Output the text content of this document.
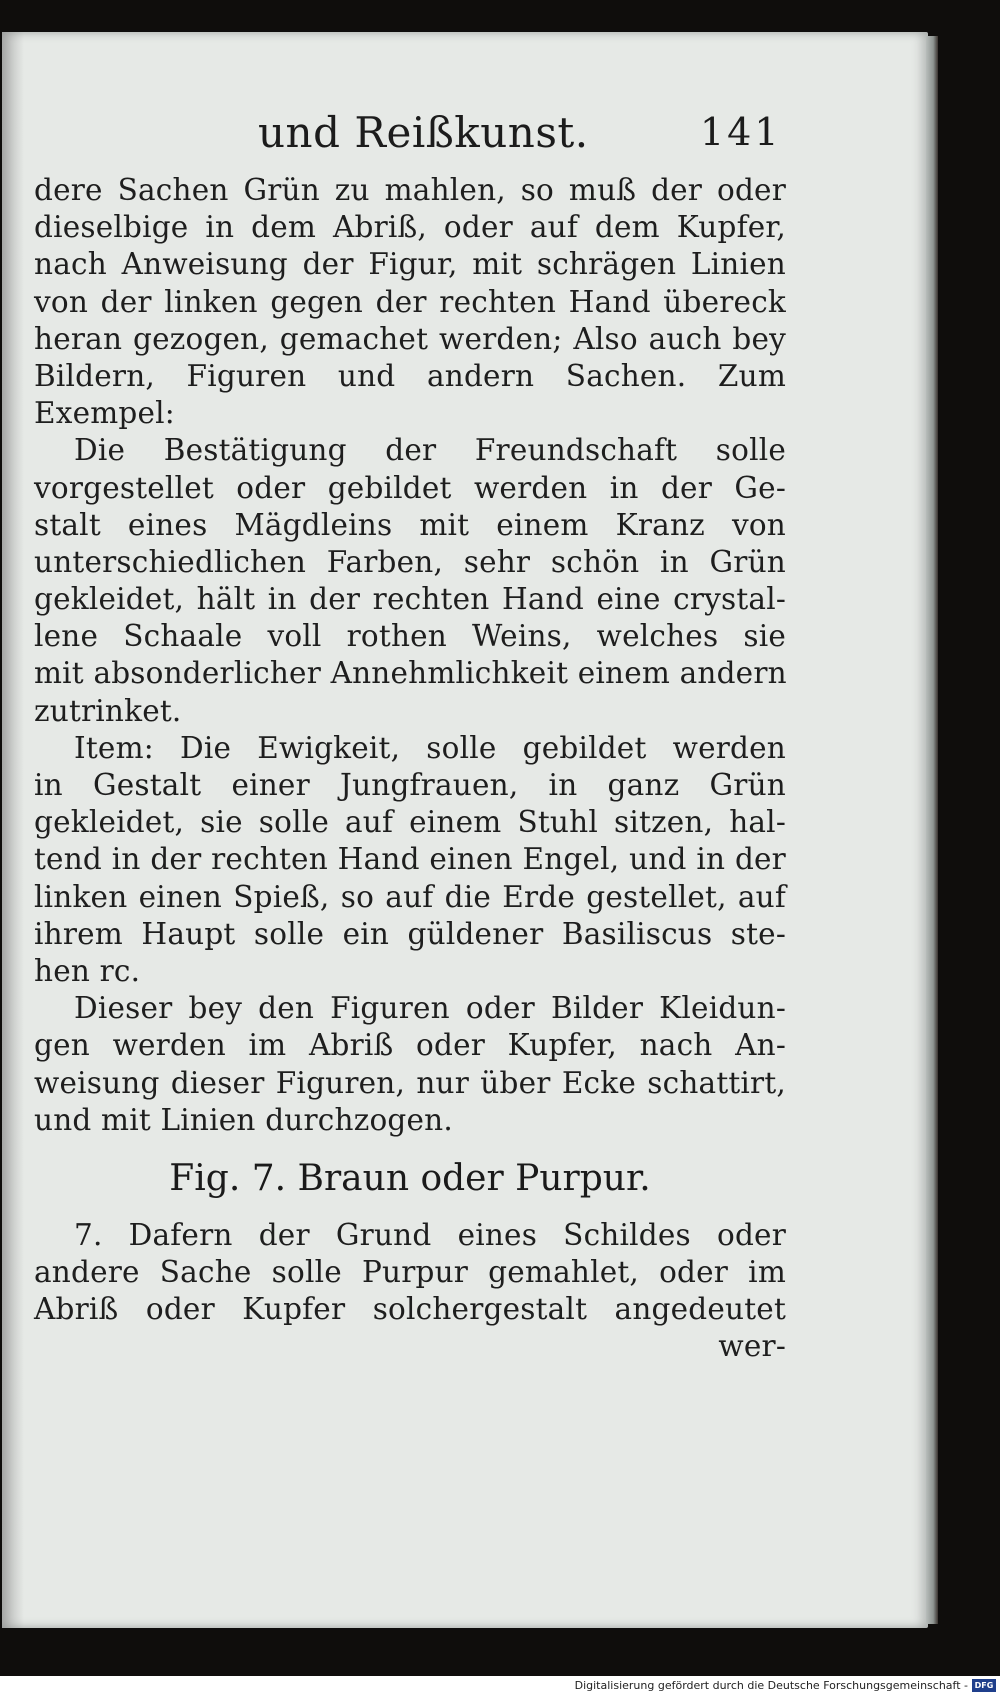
und Reißkunst.	141
dere Sachen Grün zu mahlen, so muß der oder
dieselbige in dem Abriß, oder auf dem Kupfer,
nach Anweisung der Figur, mit schrägen Linien
von der linken gegen der rechten Hand übereck
heran gezogen, gemachet werden; Also auch bey
Bildern, Figuren und andern Sachen. Zum
Exempel:
Die Bestätigung der Freundschaft solle
vorgestellet oder gebildet werden in der Ge-
stalt eines Mägdleins mit einem Kranz von
unterschiedlichen Farben, sehr schön in Grün
gekleidet, hält in der rechten Hand eine crystal-
lene Schaale voll rothen Weins, welches sie
mit absonderlicher Annehmlichkeit einem andern
zutrinket.
Item: Die Ewigkeit, solle gebildet werden
in Gestalt einer Jungfrauen, in ganz Grün
gekleidet, sie solle auf einem Stuhl sitzen, hal-
tend in der rechten Hand einen Engel, und in der
linken einen Spieß, so auf die Erde gestellet, auf
ihrem Haupt solle ein güldener Basiliscus ste-
hen rc.
Dieser bey den Figuren oder Bilder Kleidun-
gen werden im Abriß oder Kupfer, nach An-
weisung dieser Figuren, nur über Ecke schattirt,
und mit Linien durchzogen.
Fig. 7. Braun oder Purpur.
7. Dafern der Grund eines Schildes oder
andere Sache solle Purpur gemahlet, oder im
Abriß oder Kupfer solchergestalt angedeutet
wer-
Digitalisierung gefördert durch die Deutsche Forschungsgemeinschaft - DFG
